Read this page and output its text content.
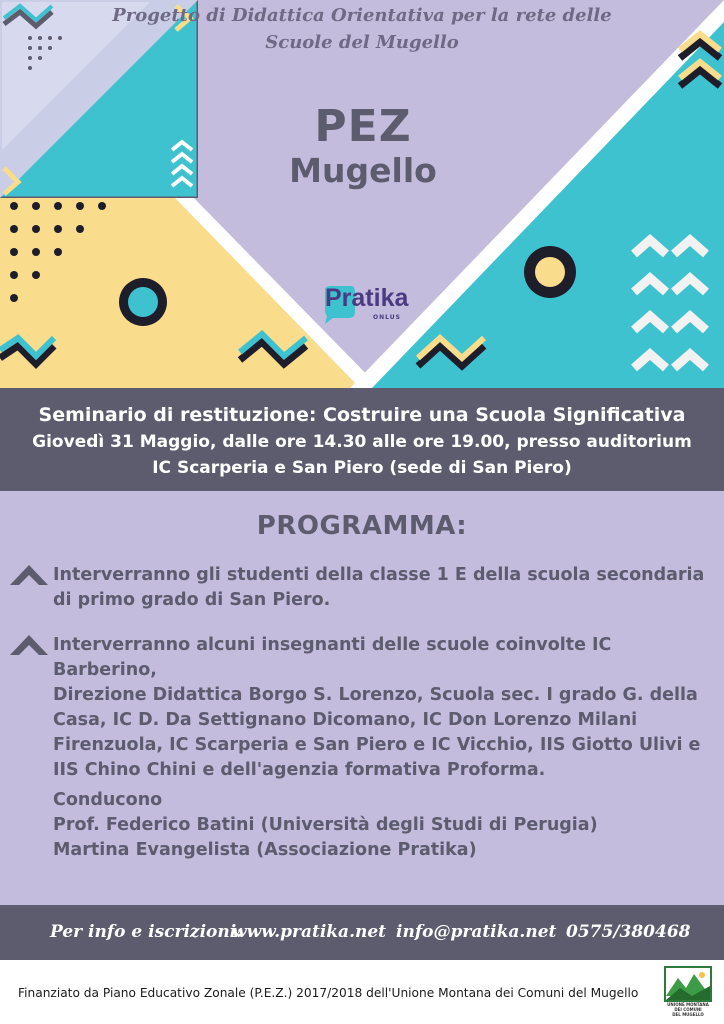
PEZ
Mugello
Pratika
ONLUS
Progetto di Didattica Orientativa per la rete delle
Scuole del Mugello
Seminario di restituzione: Costruire una Scuola Significativa
Giovedì 31 Maggio, dalle ore 14.30 alle ore 19.00, presso auditorium
IC Scarperia e San Piero (sede di San Piero)
PROGRAMMA:
Interverranno gli studenti della classe 1 E della scuola secondaria
di primo grado di San Piero.
Interverranno alcuni insegnanti delle scuole coinvolte IC Barberino,
Direzione Didattica Borgo S. Lorenzo, Scuola sec. I grado G. della
Casa, IC D. Da Settignano Dicomano, IC Don Lorenzo Milani
Firenzuola, IC Scarperia e San Piero e IC Vicchio, IIS Giotto Ulivi e
IIS Chino Chini e dell'agenzia formativa Proforma.
Conducono
Prof. Federico Batini (Università degli Studi di Perugia)
Martina Evangelista (Associazione Pratika)
Per info e iscrizioni:
www.pratika.net info@pratika.net 0575/380468
Finanziato da Piano Educativo Zonale (P.E.Z.) 2017/2018 dell'Unione Montana dei Comuni del Mugello
UNIONE MONTANA
DEI COMUNI
DEL MUGELLO
